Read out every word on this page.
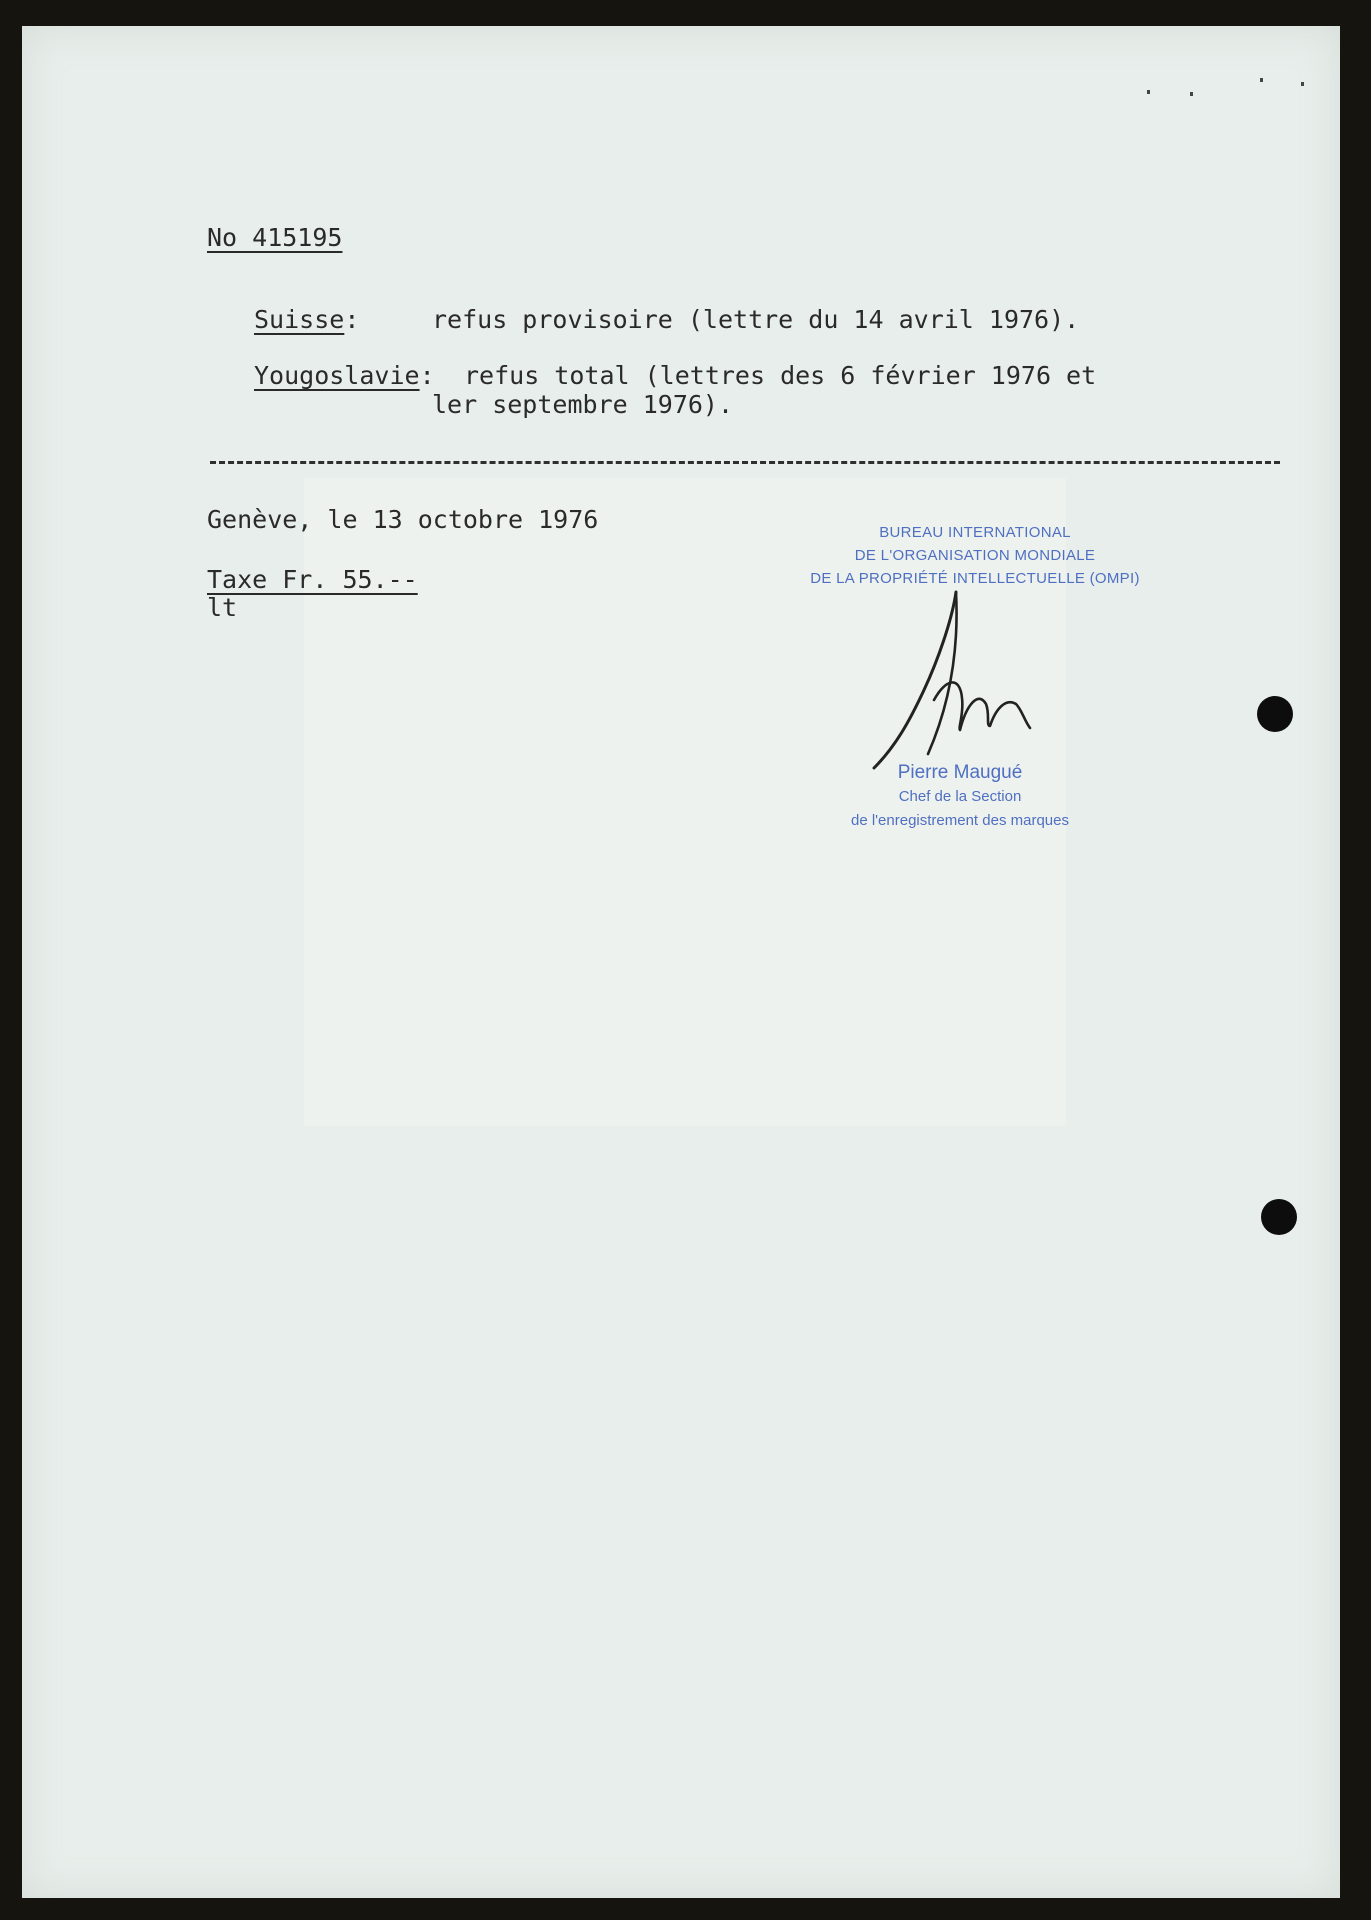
No 415195
Suisse:	refus provisoire (lettre du 14 avril 1976).
Yougoslavie: refus total (lettres des 6 février 1976 et
ler septembre 1976).
Genève, le 13 octobre 1976
Taxe Fr. 55.--
lt
BUREAU INTERNATIONAL
DE L'ORGANISATION MONDIALE
DE LA PROPRIÉTÉ INTELLECTUELLE (OMPI)
Pierre Maugué
Chef de la Section
de l'enregistrement des marques
